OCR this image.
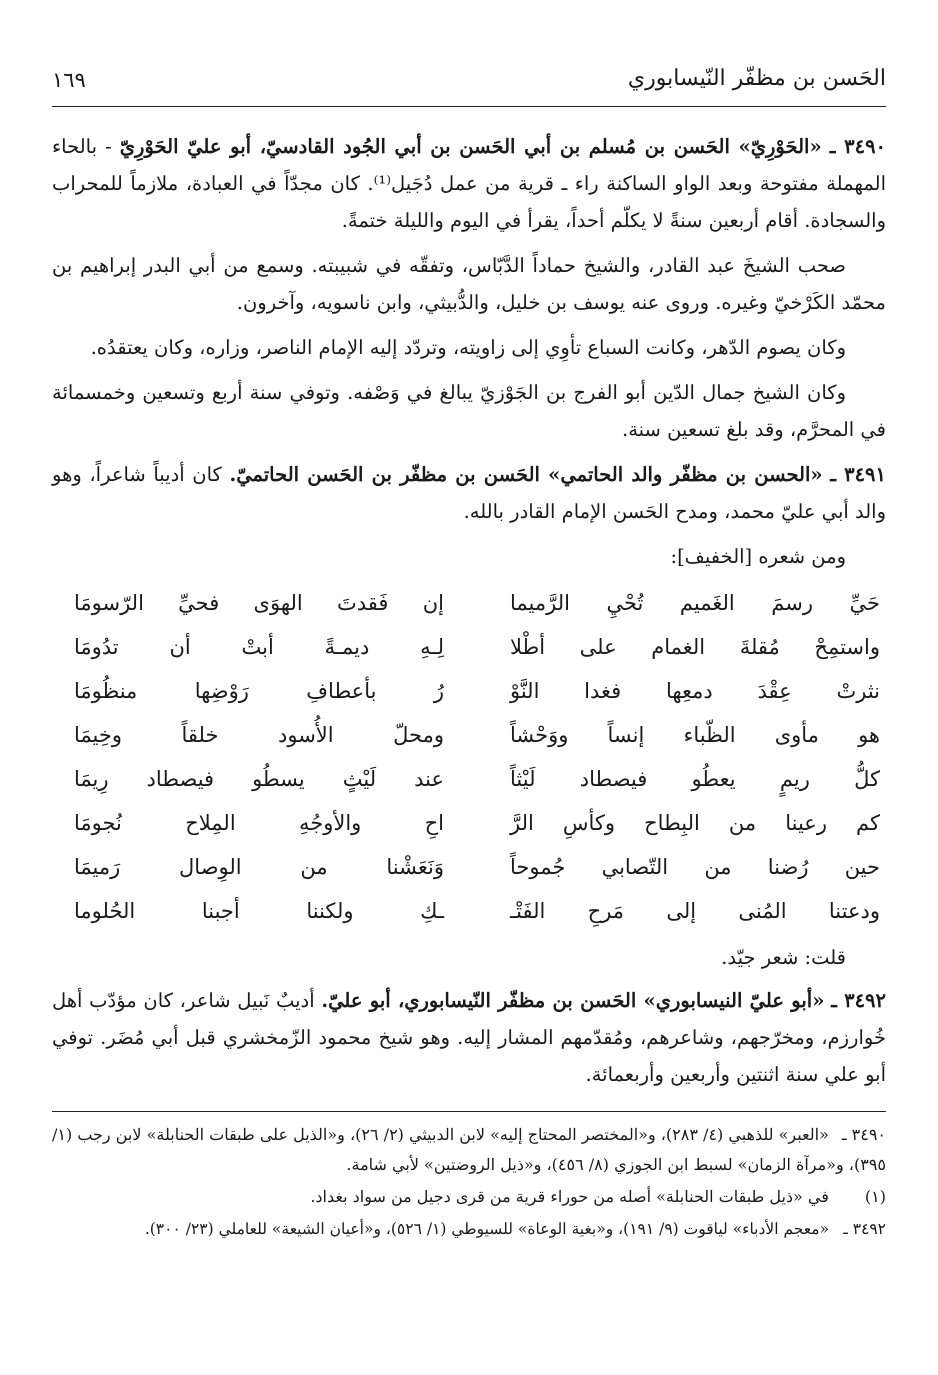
الحَسن بن مظفّر النّيسابوري
١٦٩

٣٤٩٠ ـ «الحَوْرِيّ» الحَسن بن مُسلم بن أبي الحَسن بن أبي الجُود القادسيّ، أبو عليّ الحَوْرِيّ - بالحاء المهملة مفتوحة وبعد الواو الساكنة راء ـ قرية من عمل دُجَيل⁽¹⁾. كان مجدّاً في العبادة، ملازماً للمحراب والسجادة. أقام أربعين سنةً لا يكلّم أحداً، يقرأ في اليوم والليلة ختمةً.

صحب الشيخَ عبد القادر، والشيخ حماداً الدَّبّاس، وتفقّه في شبيبته. وسمع من أبي البدر إبراهيم بن محمّد الكَرْخيّ وغيره. وروى عنه يوسف بن خليل، والدُّبيثي، وابن ناسويه، وآخرون.

وكان يصوم الدّهر، وكانت السباع تأوِي إلى زاويته، وتردّد إليه الإمام الناصر، وزاره، وكان يعتقدُه.

وكان الشيخ جمال الدّين أبو الفرج بن الجَوْزيّ يبالغ في وَصْفه. وتوفي سنة أربع وتسعين وخمسمائة في المحرَّم، وقد بلغ تسعين سنة.

٣٤٩١ ـ «الحسن بن مظفّر والد الحاتمي» الحَسن بن مظفّر بن الحَسن الحاتميّ. كان أديباً شاعراً، وهو والد أبي عليّ محمد، ومدح الحَسن الإمام القادر بالله.

ومن شعره [الخفيف]:

حَيِّ رسمَ الغَميم تُحْيِ الرَّميما
إن فَقدتَ الهوَى فحيِّ الرّسومَا
واستمِحْ مُقلةَ الغمام على أطْلا
لِـهِ ديمـةً أبتْ أن تدُومَا
نثرتْ عِقْدَ دمعِها فغدا النَّوْ
رُ بأعطافِ رَوْضِها منظُومَا
هو مأوى الظّباء إنساً ووَحْشاً
ومحلّ الأُسود خلقاً وخِيمَا
كلُّ ريمٍ يعطُو فيصطاد لَيْثاً
عند لَيْثٍ يسطُو فيصطاد رِيمَا
كم رعينا من البِطاح وكأسِ الرَّ
احِ والأوجُهِ المِلاح نُجومَا
حين رُضنا من التّصابي جُموحاً
وَنَعَشْنا من الوِصال رَميمَا
ودعتنا المُنى إلى مَرحِ الفَتْـ
ـكِ ولكننا أجبنا الحُلوما

قلت: شعر جيّد.

٣٤٩٢ ـ «أبو عليّ النيسابوري» الحَسن بن مظفّر النّيسابوري، أبو عليّ. أديبٌ نَبيل شاعر، كان مؤدّب أهل خُوارزم، ومخرّجهم، وشاعرهم، ومُقدّمهم المشار إليه. وهو شيخ محمود الزّمخشري قبل أبي مُضَر. توفي أبو علي سنة اثنتين وأربعين وأربعمائة.

٣٤٩٠ ـ «العبر» للذهبي (٤/ ٢٨٣)، و«المختصر المحتاج إليه» لابن الدبيثي (٢/ ٢٦)، و«الذيل على طبقات الحنابلة» لابن رجب (١/ ٣٩٥)، و«مرآة الزمان» لسبط ابن الجوزي (٨/ ٤٥٦)، و«ذيل الروضتين» لأبي شامة.

(١) في «ذيل طبقات الحنابلة» أصله من حوراء قرية من قرى دجيل من سواد بغداد.

٣٤٩٢ ـ «معجم الأدباء» لياقوت (٩/ ١٩١)، و«بغية الوعاة» للسيوطي (١/ ٥٢٦)، و«أعيان الشيعة» للعاملي (٢٣/ ٣٠٠).
